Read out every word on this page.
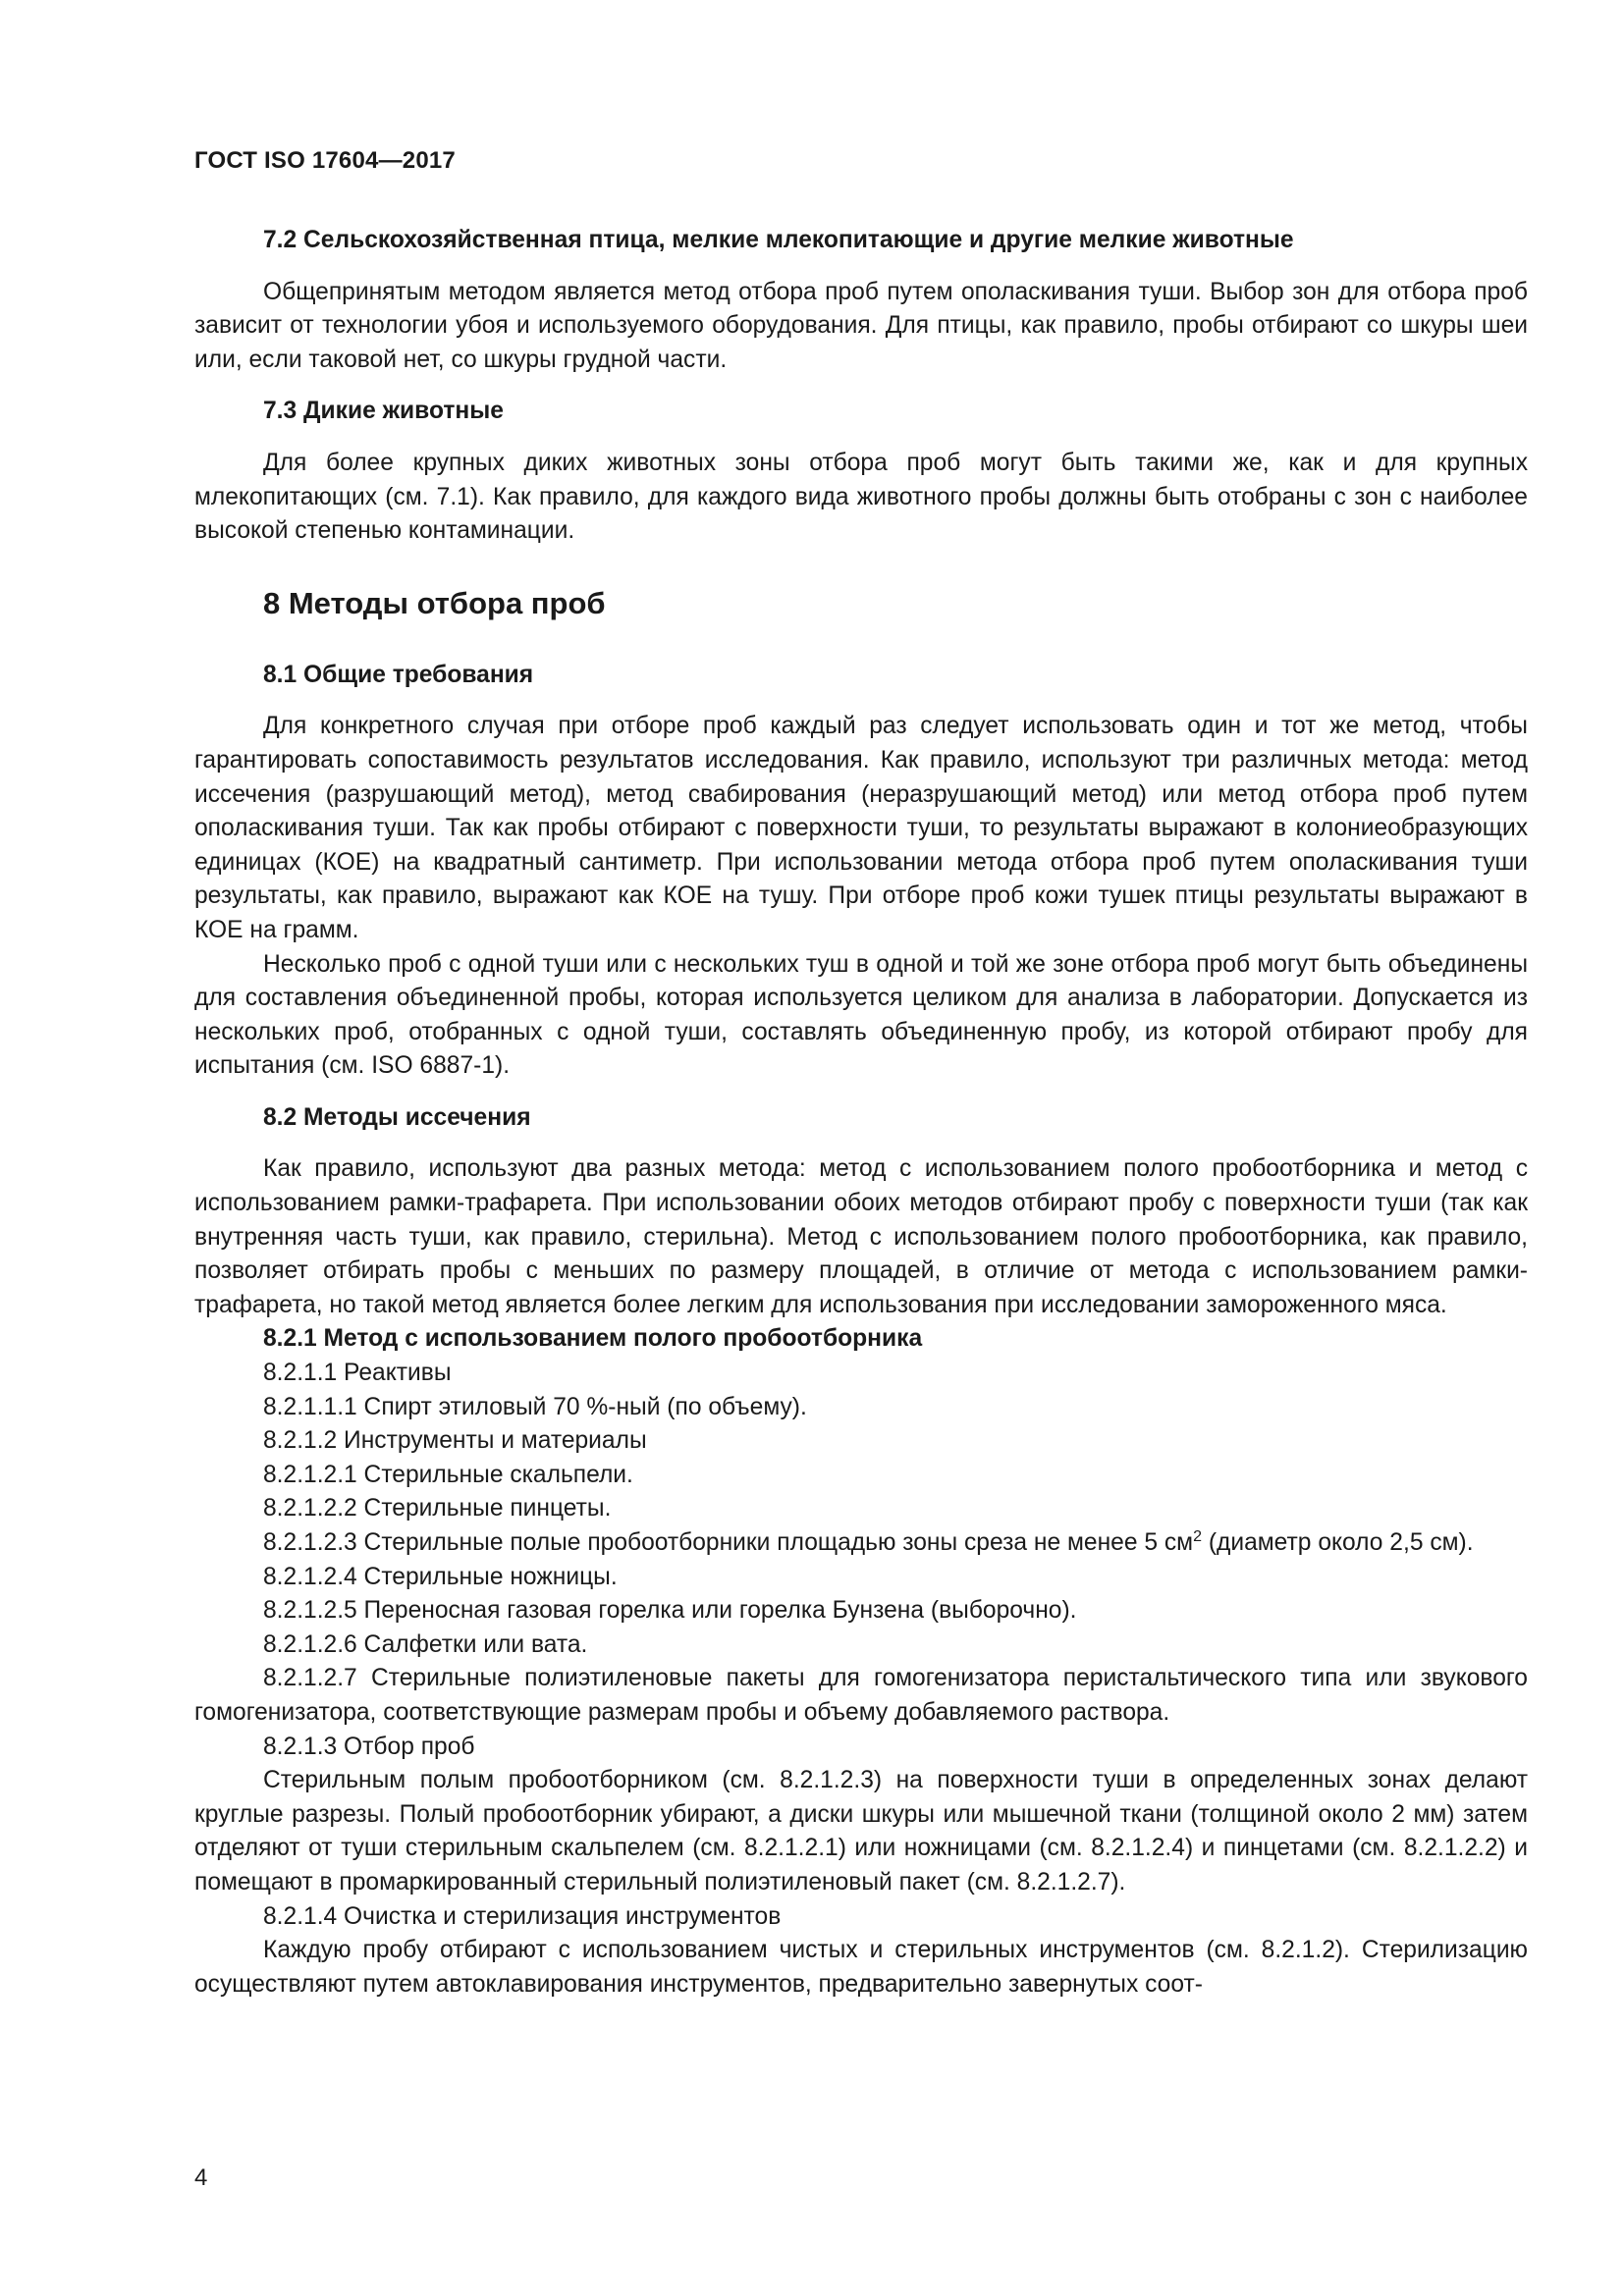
ГОСТ ISO 17604—2017
7.2 Сельскохозяйственная птица, мелкие млекопитающие и другие мелкие животные

Общепринятым методом является метод отбора проб путем ополаскивания туши. Выбор зон для отбора проб зависит от технологии убоя и используемого оборудования. Для птицы, как правило, пробы отбирают со шкуры шеи или, если таковой нет, со шкуры грудной части.

7.3 Дикие животные

Для более крупных диких животных зоны отбора проб могут быть такими же, как и для крупных млекопитающих (см. 7.1). Как правило, для каждого вида животного пробы должны быть отобраны с зон с наиболее высокой степенью контаминации.

8 Методы отбора проб
8.1 Общие требования

Для конкретного случая при отборе проб каждый раз следует использовать один и тот же метод, чтобы гарантировать сопоставимость результатов исследования. Как правило, используют три различных метода: метод иссечения (разрушающий метод), метод свабирования (неразрушающий метод) или метод отбора проб путем ополаскивания туши. Так как пробы отбирают с поверхности туши, то результаты выражают в колониеобразующих единицах (КОЕ) на квадратный сантиметр. При использовании метода отбора проб путем ополаскивания туши результаты, как правило, выражают как КОЕ на тушу. При отборе проб кожи тушек птицы результаты выражают в КОЕ на грамм.

Несколько проб с одной туши или с нескольких туш в одной и той же зоне отбора проб могут быть объединены для составления объединенной пробы, которая используется целиком для анализа в лаборатории. Допускается из нескольких проб, отобранных с одной туши, составлять объединенную пробу, из которой отбирают пробу для испытания (см. ISO 6887-1).

8.2 Методы иссечения

Как правило, используют два разных метода: метод с использованием полого пробоотборника и метод с использованием рамки-трафарета. При использовании обоих методов отбирают пробу с поверхности туши (так как внутренняя часть туши, как правило, стерильна). Метод с использованием полого пробоотборника, как правило, позволяет отбирать пробы с меньших по размеру площадей, в отличие от метода с использованием рамки-трафарета, но такой метод является более легким для использования при исследовании замороженного мяса.

8.2.1 Метод с использованием полого пробоотборника
8.2.1.1 Реактивы
8.2.1.1.1 Спирт этиловый 70 %-ный (по объему).
8.2.1.2 Инструменты и материалы
8.2.1.2.1 Стерильные скальпели.
8.2.1.2.2 Стерильные пинцеты.

8.2.1.2.3 Стерильные полые пробоотборники площадью зоны среза не менее 5 $см^2$ (диаметр около 2,5 см).

8.2.1.2.4 Стерильные ножницы.
8.2.1.2.5 Переносная газовая горелка или горелка Бунзена (выборочно).
8.2.1.2.6 Салфетки или вата.

8.2.1.2.7 Стерильные полиэтиленовые пакеты для гомогенизатора перистальтического типа или звукового гомогенизатора, соответствующие размерам пробы и объему добавляемого раствора.

8.2.1.3 Отбор проб

Стерильным полым пробоотборником (см. 8.2.1.2.3) на поверхности туши в определенных зонах делают круглые разрезы. Полый пробоотборник убирают, а диски шкуры или мышечной ткани (толщиной около 2 мм) затем отделяют от туши стерильным скальпелем (см. 8.2.1.2.1) или ножницами (см. 8.2.1.2.4) и пинцетами (см. 8.2.1.2.2) и помещают в промаркированный стерильный полиэтиленовый пакет (см. 8.2.1.2.7).

8.2.1.4 Очистка и стерилизация инструментов

Каждую пробу отбирают с использованием чистых и стерильных инструментов (см. 8.2.1.2). Стерилизацию осуществляют путем автоклавирования инструментов, предварительно завернутых соот-

4
